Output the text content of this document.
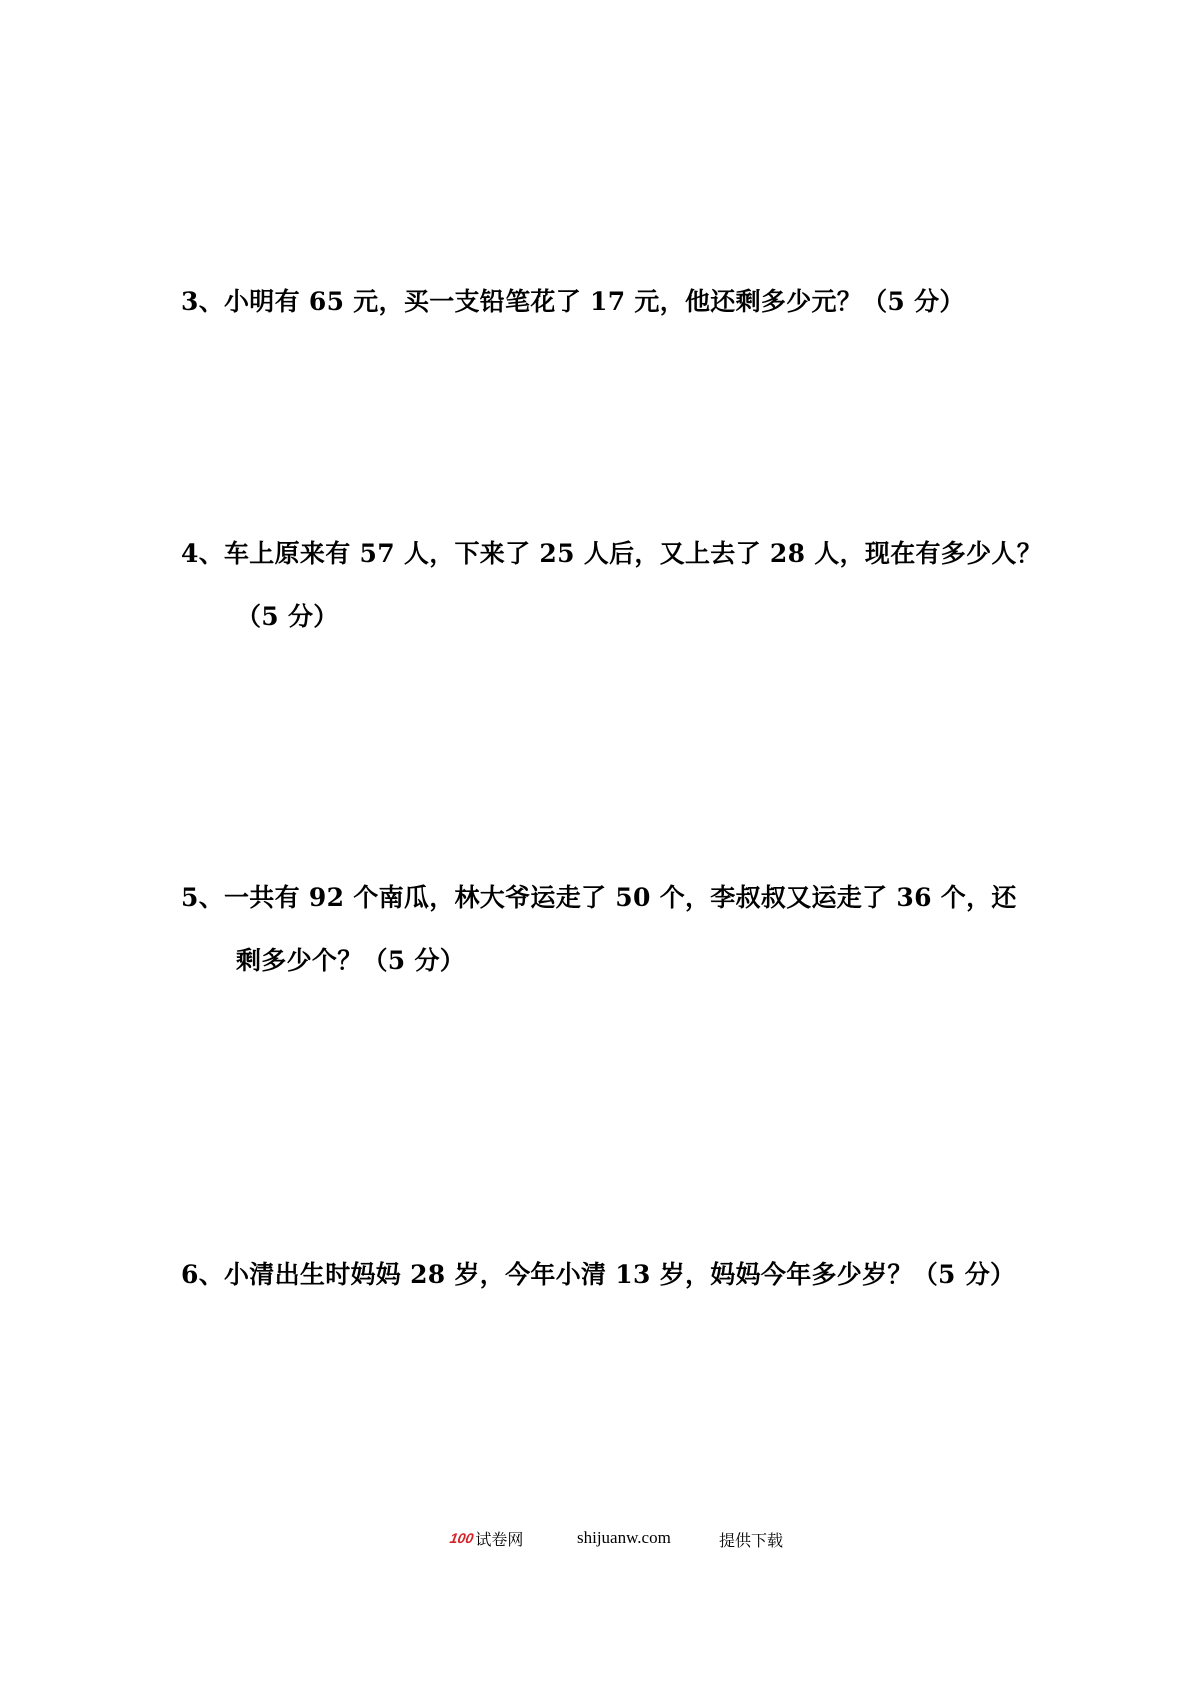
3、小明有 65 元，买一支铅笔花了 17 元，他还剩多少元？（5 分）
4、车上原来有 57 人，下来了 25 人后，又上去了 28 人，现在有多少人？
（5 分）
5、一共有 92 个南瓜，林大爷运走了 50 个，李叔叔又运走了 36 个，还
剩多少个？（5 分）
6、小清出生时妈妈 28 岁，今年小清 13 岁，妈妈今年多少岁？（5 分）
100试卷网	shijuanw.com	提供下载
